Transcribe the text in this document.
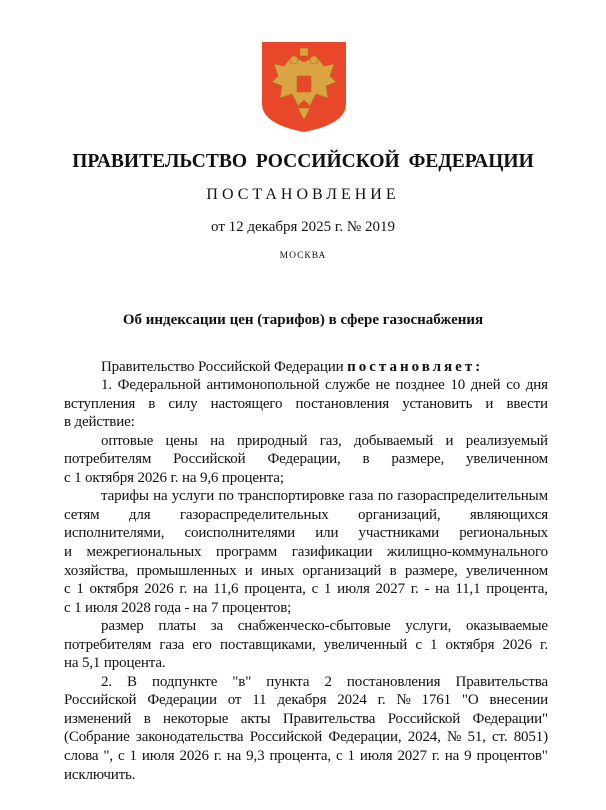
ПРАВИТЕЛЬСТВО РОССИЙСКОЙ ФЕДЕРАЦИИ
ПОСТАНОВЛЕНИЕ
от 12 декабря 2025 г. № 2019
МОСКВА
Об индексации цен (тарифов) в сфере газоснабжения
Правительство Российской Федерации постановляет:
1. Федеральной антимонопольной службе не позднее 10 дней со дня
вступления в силу настоящего постановления установить и ввести
в действие:
оптовые цены на природный газ, добываемый и реализуемый
потребителям Российской Федерации, в размере, увеличенном
с 1 октября 2026 г. на 9,6 процента;
тарифы на услуги по транспортировке газа по газораспределительным
сетям для газораспределительных организаций, являющихся
исполнителями, соисполнителями или участниками региональных
и межрегиональных программ газификации жилищно-коммунального
хозяйства, промышленных и иных организаций в размере, увеличенном
с 1 октября 2026 г. на 11,6 процента, с 1 июля 2027 г. - на 11,1 процента,
с 1 июля 2028 года - на 7 процентов;
размер платы за снабженческо-сбытовые услуги, оказываемые
потребителям газа его поставщиками, увеличенный с 1 октября 2026 г.
на 5,1 процента.
2. В подпункте "в" пункта 2 постановления Правительства
Российской Федерации от 11 декабря 2024 г. № 1761 "О внесении
изменений в некоторые акты Правительства Российской Федерации"
(Собрание законодательства Российской Федерации, 2024, № 51, ст. 8051)
слова ", с 1 июля 2026 г. на 9,3 процента, с 1 июля 2027 г. на 9 процентов"
исключить.
